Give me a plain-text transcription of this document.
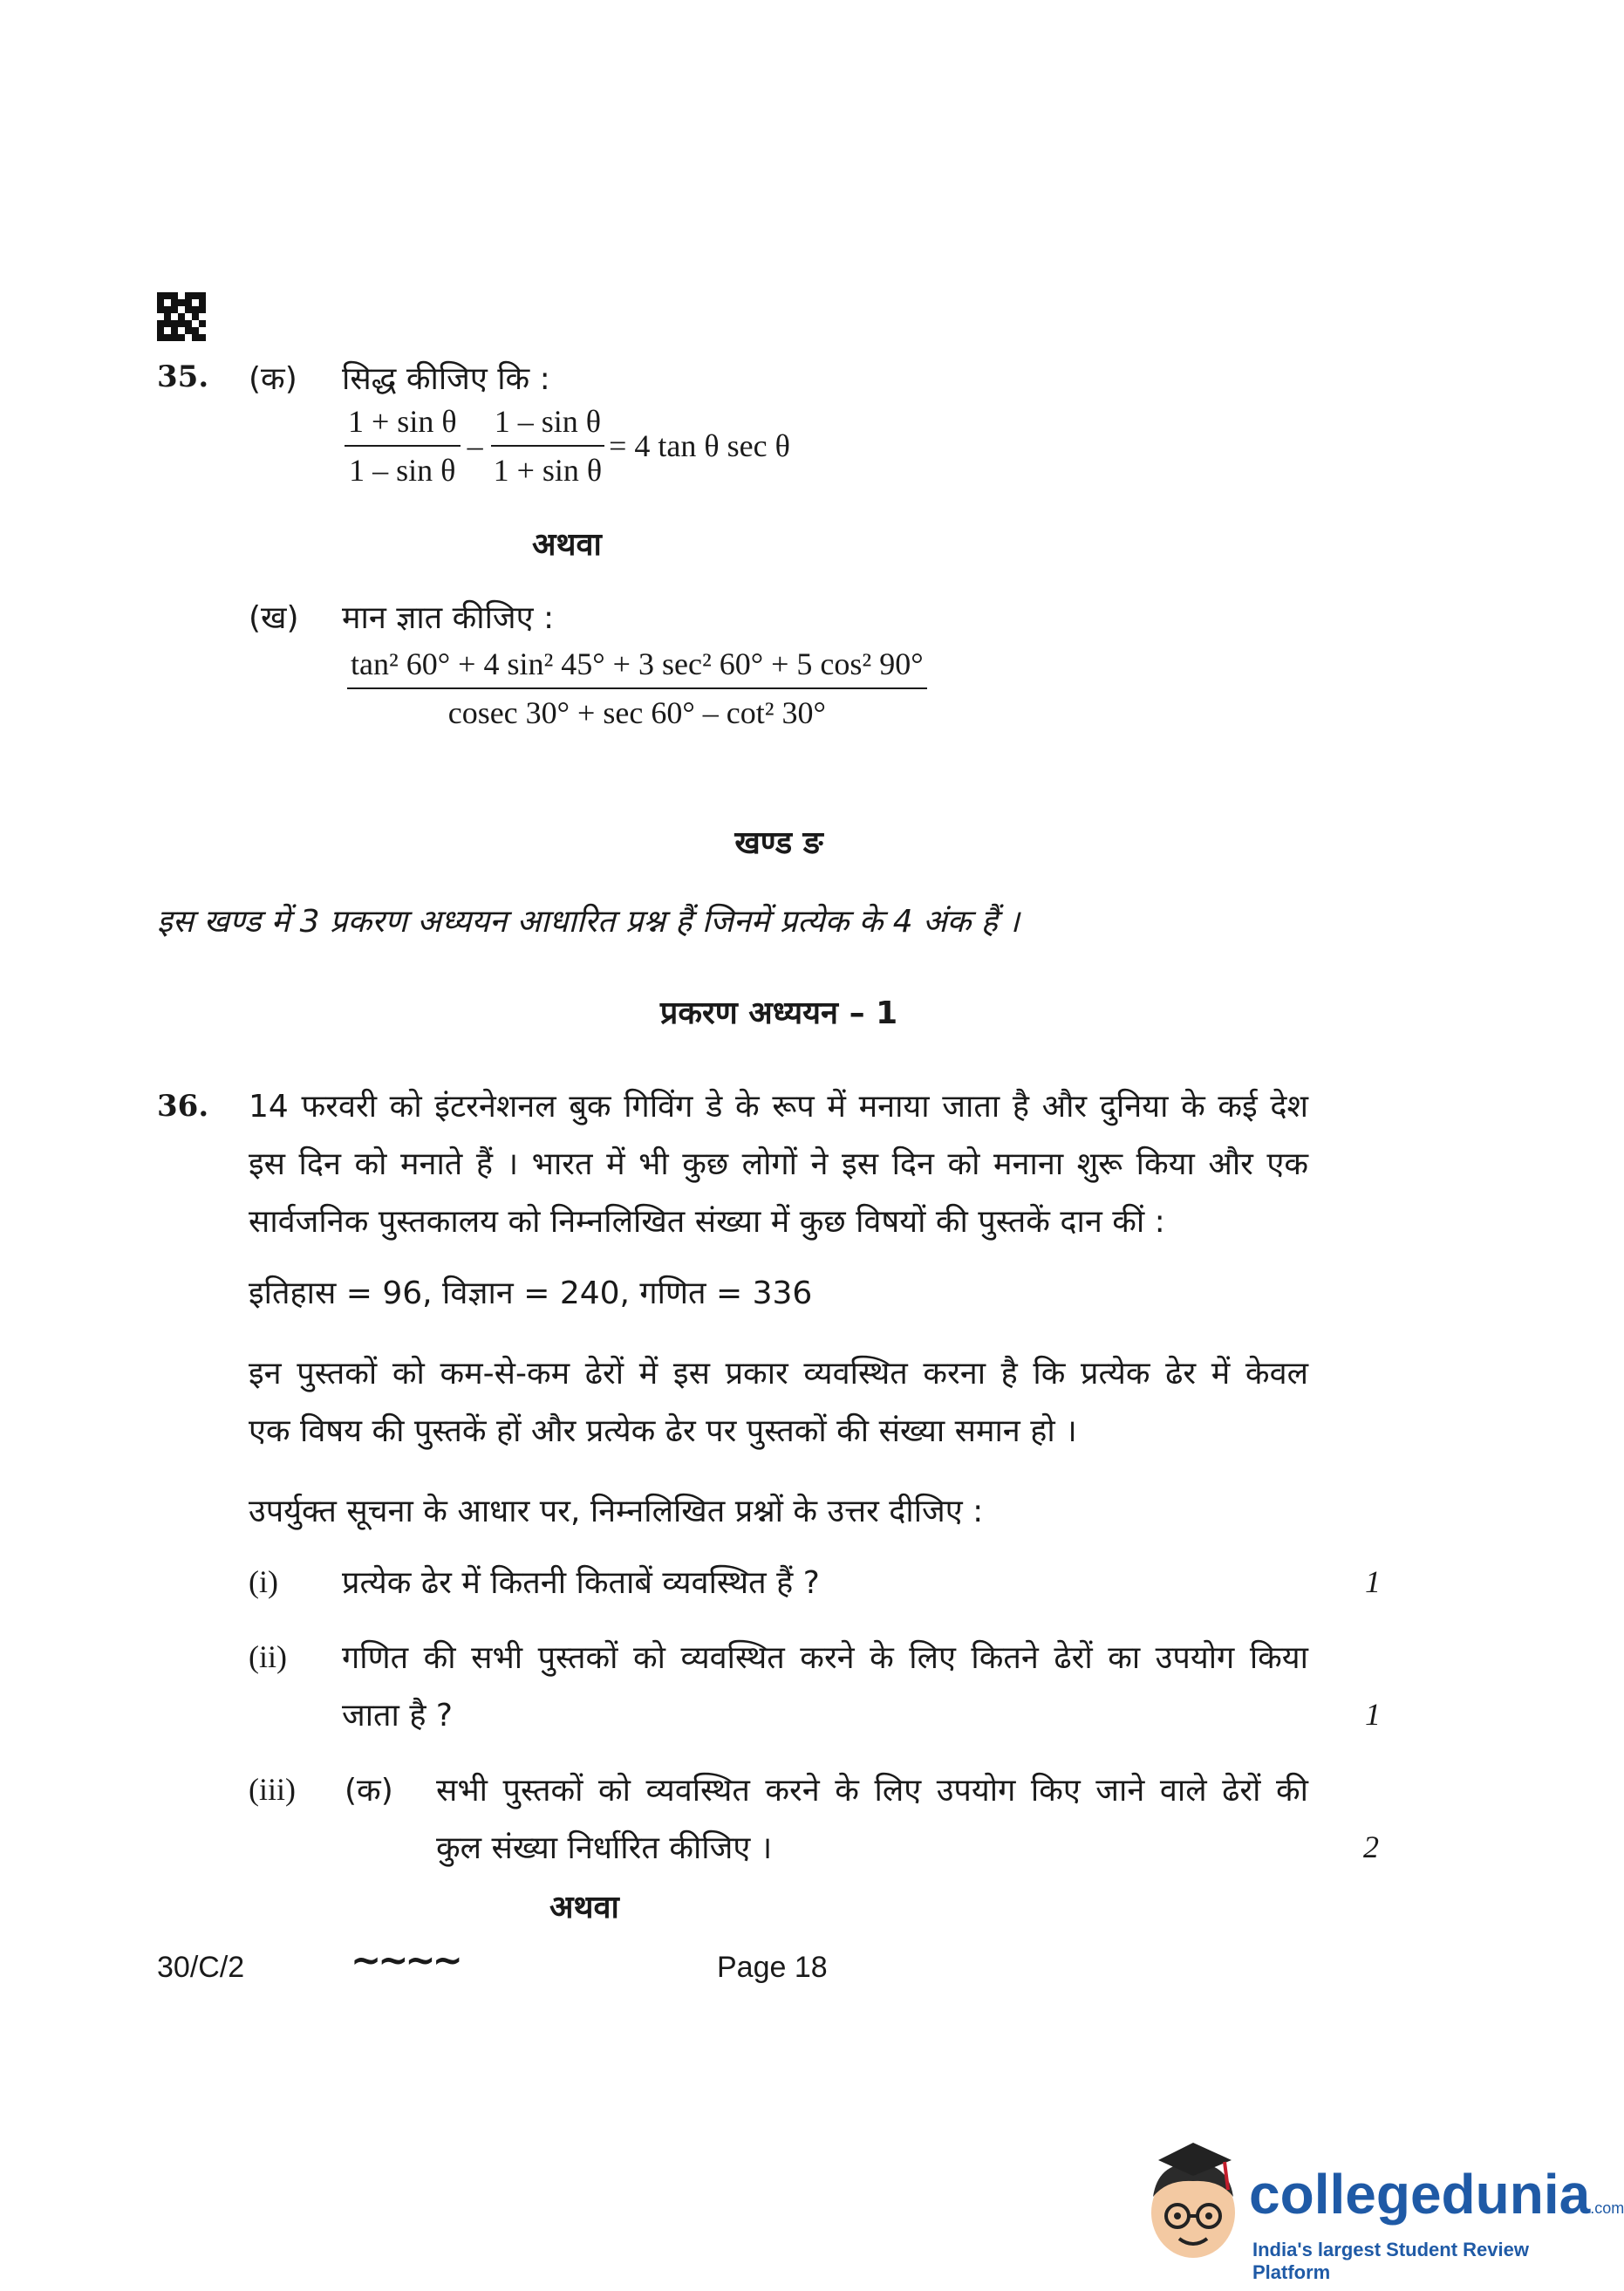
35. (क) सिद्ध कीजिए कि :
$\frac{\text{1 + sin θ}}{\text{1 – sin θ}} - \frac{\text{1 – sin θ}}{\text{1 + sin θ}} = 4$ tan θ sec θ
अथवा
(ख) मान ज्ञात कीजिए :
$\frac{\text{tan² 60° + 4 sin² 45° + 3 sec² 60° + 5 cos² 90°}}{\text{cosec 30° + sec 60° – cot² 30°}}$
खण्ड ङ
इस खण्ड में 3 प्रकरण अध्ययन आधारित प्रश्न हैं जिनमें प्रत्येक के 4 अंक हैं ।
प्रकरण अध्ययन – 1
36. 14 फरवरी को इंटरनेशनल बुक गिविंग डे के रूप में मनाया जाता है और दुनिया के कई देश
इस दिन को मनाते हैं । भारत में भी कुछ लोगों ने इस दिन को मनाना शुरू किया और एक
सार्वजनिक पुस्तकालय को निम्नलिखित संख्या में कुछ विषयों की पुस्तकें दान कीं :
इतिहास = 96, विज्ञान = 240, गणित = 336
इन पुस्तकों को कम-से-कम ढेरों में इस प्रकार व्यवस्थित करना है कि प्रत्येक ढेर में केवल
एक विषय की पुस्तकें हों और प्रत्येक ढेर पर पुस्तकों की संख्या समान हो ।
उपर्युक्त सूचना के आधार पर, निम्नलिखित प्रश्नों के उत्तर दीजिए :
(i) प्रत्येक ढेर में कितनी किताबें व्यवस्थित हैं ?	1
(ii) गणित की सभी पुस्तकों को व्यवस्थित करने के लिए कितने ढेरों का उपयोग किया
जाता है ?	1
(iii) (क) सभी पुस्तकों को व्यवस्थित करने के लिए उपयोग किए जाने वाले ढेरों की
कुल संख्या निर्धारित कीजिए ।	2
अथवा
30/C/2	~~~~	Page 18
collegedunia.com
India's largest Student Review Platform
